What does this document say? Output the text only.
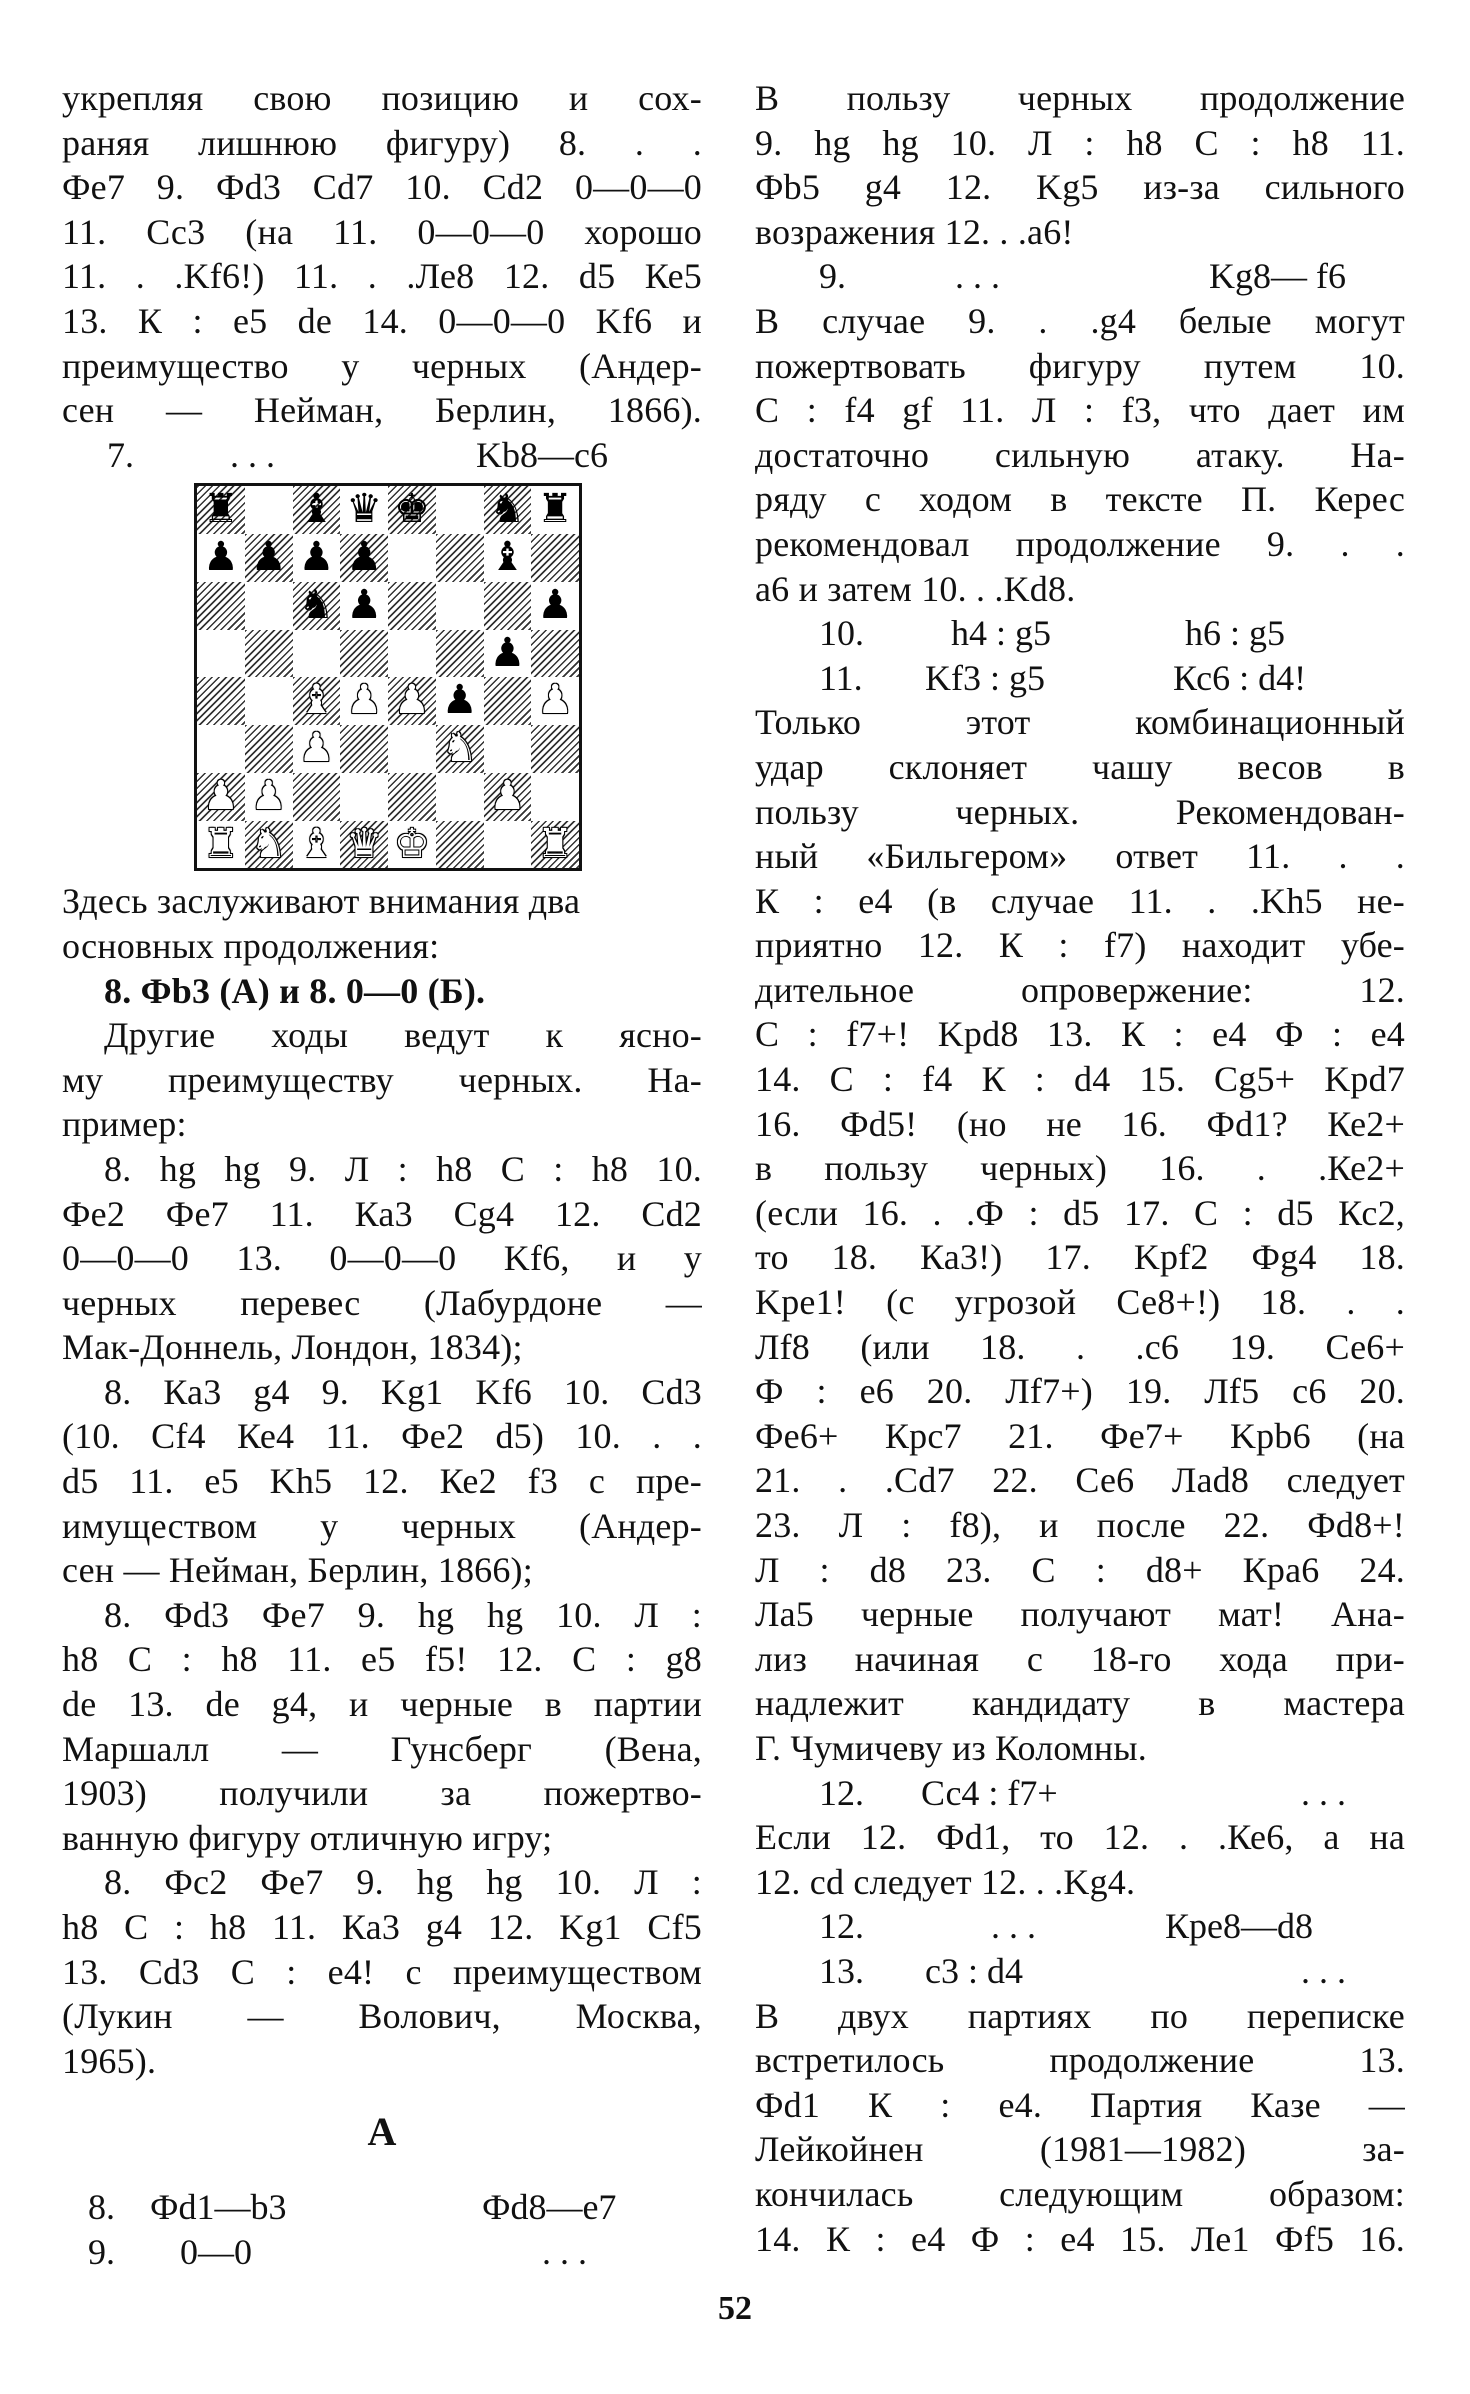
укрепляя свою позицию и сох-
раняя лишнюю фигуру) 8. . .
Фе7 9. Фd3 Cd7 10. Cd2 0—0—0
11. Сс3 (на 11. 0—0—0 хорошо
11. . .Kf6!) 11. . .Ле8 12. d5 Ке5
13. К : е5 de 14. 0—0—0 Kf6 и
преимущество у черных (Андер-
сен — Нейман, Берлин, 1866).
7.	. . .	Kb8—c6
♜ ♝ ♛ ♚ ♞ ♜
♟ ♟ ♟ ♟	♝
♞ ♟	♟
♟
♝ ♟ ♟ ♟ ♟
♟	♞
♟ ♟	♟
♜ ♞ ♝ ♛ ♚	♜
Здесь заслуживают внимания два
основных продолжения:
8. Фb3 (А) и 8. 0—0 (Б).
Другие ходы ведут к ясно-
му преимуществу черных. На-
пример:
8. hg hg 9. Л : h8 С : h8 10.
Фе2 Фе7 11. Ка3 Cg4 12. Cd2
0—0—0 13. 0—0—0 Kf6, и у
черных перевес (Лабурдоне —
Мак-Доннель, Лондон, 1834);
8. Ка3 g4 9. Kg1 Kf6 10. Cd3
(10. Cf4 Ке4 11. Фе2 d5) 10. . .
d5 11. е5 Kh5 12. Ке2 f3 с пре-
имуществом у черных (Андер-
сен — Нейман, Берлин, 1866);
8. Фd3 Фе7 9. hg hg 10. Л :
h8 С : h8 11. е5 f5! 12. С : g8
de 13. de g4, и черные в партии
Маршалл — Гунсберг (Вена,
1903) получили за пожертво-
ванную фигуру отличную игру;
8. Фс2 Фе7 9. hg hg 10. Л :
h8 С : h8 11. Ка3 g4 12. Kg1 Cf5
13. Cd3 С : е4! с преимуществом
(Лукин — Волович, Москва,
1965).
А
8. Фd1—b3	Фd8—е7
9. 0—0	. . .
В пользу черных продолжение
9. hg hg 10. Л : h8 С : h8 11.
Фb5 g4 12. Kg5 из-за сильного
возражения 12. . .а6!
9.	. . .	Kg8— f6
В случае 9. . .g4 белые могут
пожертвовать фигуру путем 10.
С : f4 gf 11. Л : f3, что дает им
достаточно сильную атаку. На-
ряду с ходом в тексте П. Керес
рекомендовал продолжение 9. . .
а6 и затем 10. . .Kd8.
10. h4 : g5	h6 : g5
11. Kf3 : g5	Кс6 : d4!
Только этот комбинационный
удар склоняет чашу весов в
пользу черных. Рекомендован-
ный «Бильгером» ответ 11. . .
К : е4 (в случае 11. . .Kh5 не-
приятно 12. К : f7) находит убе-
дительное опровержение: 12.
С : f7+! Kpd8 13. К : е4 Ф : е4
14. С : f4 К : d4 15. Cg5+ Kpd7
16. Фd5! (но не 16. Фd1? Ке2+
в пользу черных) 16. . .Ке2+
(если 16. . .Ф : d5 17. С : d5 Кс2,
то 18. Ка3!) 17. Kpf2 Фg4 18.
Kpe1! (с угрозой Се8+!) 18. . .
Лf8 (или 18. . .с6 19. Се6+
Ф : е6 20. Лf7+) 19. Лf5 с6 20.
Фе6+ Крс7 21. Фе7+ Kpb6 (на
21. . .Cd7 22. Се6 Лad8 следует
23. Л : f8), и после 22. Фd8+!
Л : d8 23. С : d8+ Кра6 24.
Ла5 черные получают мат! Ана-
лиз начиная с 18-го хода при-
надлежит кандидату в мастера
Г. Чумичеву из Коломны.
12. Сс4 : f7+	. . .
Если 12. Фd1, то 12. . .Ке6, а на
12. cd следует 12. . .Kg4.
12.	. . .	Кре8—d8
13. с3 : d4	. . .
В двух партиях по переписке
встретилось продолжение 13.
Фd1 К : е4. Партия Казе —
Лейкойнен (1981—1982) за-
кончилась следующим образом:
14. К : е4 Ф : е4 15. Ле1 Фf5 16.
52
